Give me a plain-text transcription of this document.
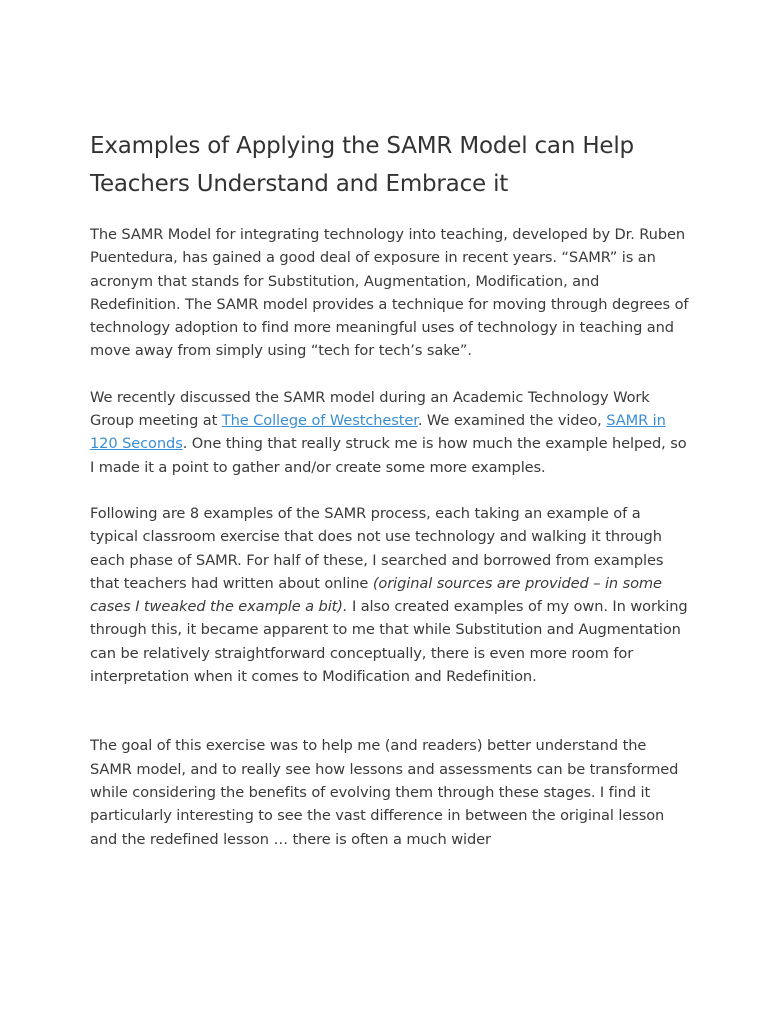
Examples of Applying the SAMR Model can Help Teachers Understand and Embrace it

The SAMR Model for integrating technology into teaching, developed by Dr. Ruben Puentedura, has gained a good deal of exposure in recent years. “SAMR” is an acronym that stands for Substitution, Augmentation, Modification, and Redefinition. The SAMR model provides a technique for moving through degrees of technology adoption to find more meaningful uses of technology in teaching and move away from simply using “tech for tech’s sake”.

We recently discussed the SAMR model during an Academic Technology Work Group meeting at The College of Westchester. We examined the video, SAMR in 120 Seconds. One thing that really struck me is how much the example helped, so I made it a point to gather and/or create some more examples.

Following are 8 examples of the SAMR process, each taking an example of a typical classroom exercise that does not use technology and walking it through each phase of SAMR. For half of these, I searched and borrowed from examples that teachers had written about online (original sources are provided – in some cases I tweaked the example a bit). I also created examples of my own. In working through this, it became apparent to me that while Substitution and Augmentation can be relatively straightforward conceptually, there is even more room for interpretation when it comes to Modification and Redefinition.

The goal of this exercise was to help me (and readers) better understand the SAMR model, and to really see how lessons and assessments can be transformed while considering the benefits of evolving them through these stages. I find it particularly interesting to see the vast difference in between the original lesson and the redefined lesson … there is often a much wider
